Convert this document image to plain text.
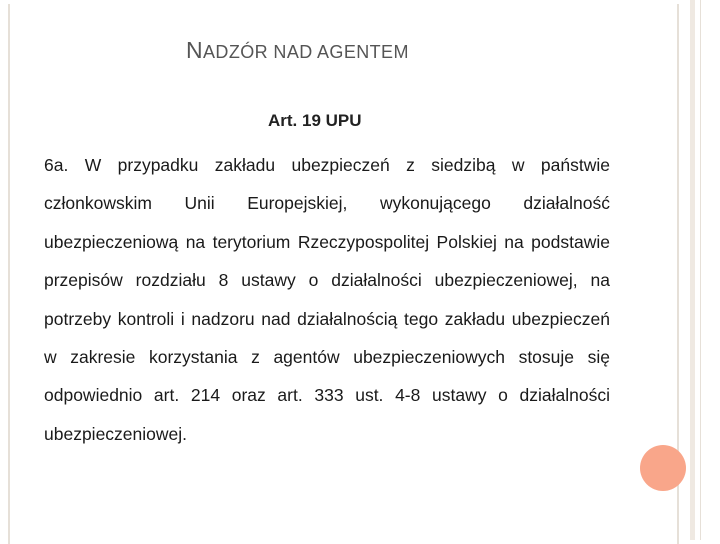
NADZÓR NAD AGENTEM
Art. 19 UPU

6a. W przypadku zakładu ubezpieczeń z siedzibą w państwie członkowskim Unii Europejskiej, wykonującego działalność ubezpieczeniową na terytorium Rzeczypospolitej Polskiej na podstawie przepisów rozdziału 8 ustawy o działalności ubezpieczeniowej, na potrzeby kontroli i nadzoru nad działalnością tego zakładu ubezpieczeń w zakresie korzystania z agentów ubezpieczeniowych stosuje się odpowiednio art. 214 oraz art. 333 ust. 4-8 ustawy o działalności ubezpieczeniowej.
